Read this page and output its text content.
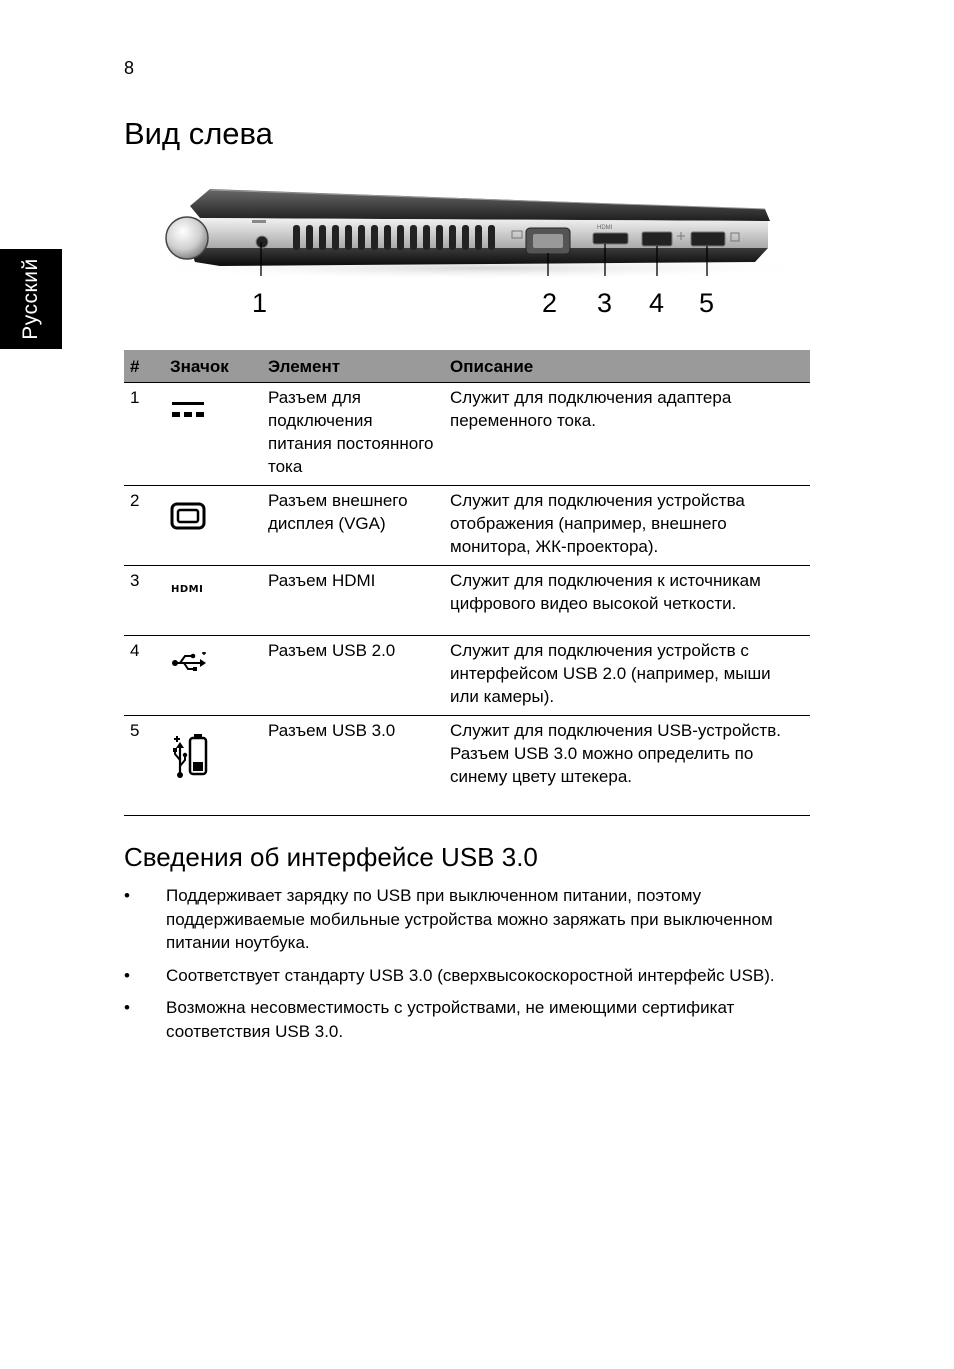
8
Русский
Вид слева
HDMI
1	2 3 4 5
#	Значок	Элемент	Описание
1		Разъем для подключения питания постоянного тока	Служит для подключения адаптера переменного тока.
2		Разъем внешнего дисплея (VGA)	Служит для подключения устройства отображения (например, внешнего монитора, ЖК-проектора).
3	HDMI	Разъем HDMI	Служит для подключения к источникам цифрового видео высокой четкости.
4		Разъем USB 2.0	Служит для подключения устройств с интерфейсом USB 2.0 (например, мыши или камеры).
5		Разъем USB 3.0	Служит для подключения USB-устройств.
Разъем USB 3.0 можно определить по синему цвету штекера.
Сведения об интерфейсе USB 3.0
• Поддерживает зарядку по USB при выключенном питании, поэтому поддерживаемые мобильные устройства можно заряжать при выключенном питании ноутбука.
• Соответствует стандарту USB 3.0 (сверхвысокоскоростной интерфейс USB).
• Возможна несовместимость с устройствами, не имеющими сертификат соответствия USB 3.0.
